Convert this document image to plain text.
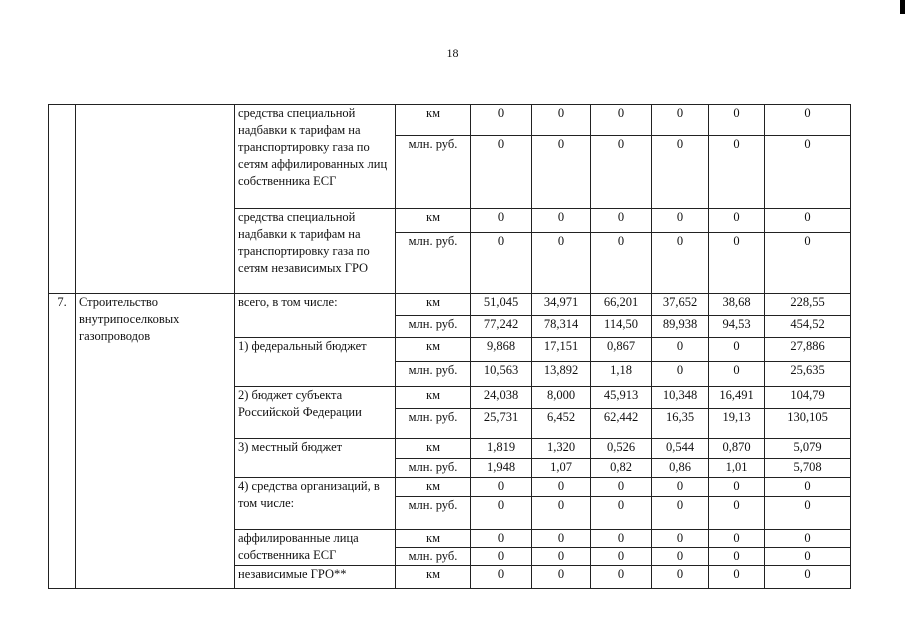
18
		средства специальной надбавки к тарифам на транспортировку газа по сетям аффилированных лиц собственника ЕСГ	км	0	0	0	0	0	0
			млн. руб.	0	0	0	0	0	0
		средства специальной надбавки к тарифам на транспортировку газа по сетям независимых ГРО	км	0	0	0	0	0	0
			млн. руб.	0	0	0	0	0	0
7.	Строительство внутрипоселковых газопроводов	всего, в том числе:	км	51,045	34,971	66,201	37,652	38,68	228,55
			млн. руб.	77,242	78,314	114,50	89,938	94,53	454,52
		1) федеральный бюджет	км	9,868	17,151	0,867	0	0	27,886
			млн. руб.	10,563	13,892	1,18	0	0	25,635
		2) бюджет субъекта Российской Федерации	км	24,038	8,000	45,913	10,348	16,491	104,79
			млн. руб.	25,731	6,452	62,442	16,35	19,13	130,105
		3) местный бюджет	км	1,819	1,320	0,526	0,544	0,870	5,079
			млн. руб.	1,948	1,07	0,82	0,86	1,01	5,708
		4) средства организаций, в том числе:	км	0	0	0	0	0	0
			млн. руб.	0	0	0	0	0	0
		аффилированные лица собственника ЕСГ	км	0	0	0	0	0	0
			млн. руб.	0	0	0	0	0	0
		независимые ГРО**	км	0	0	0	0	0	0
